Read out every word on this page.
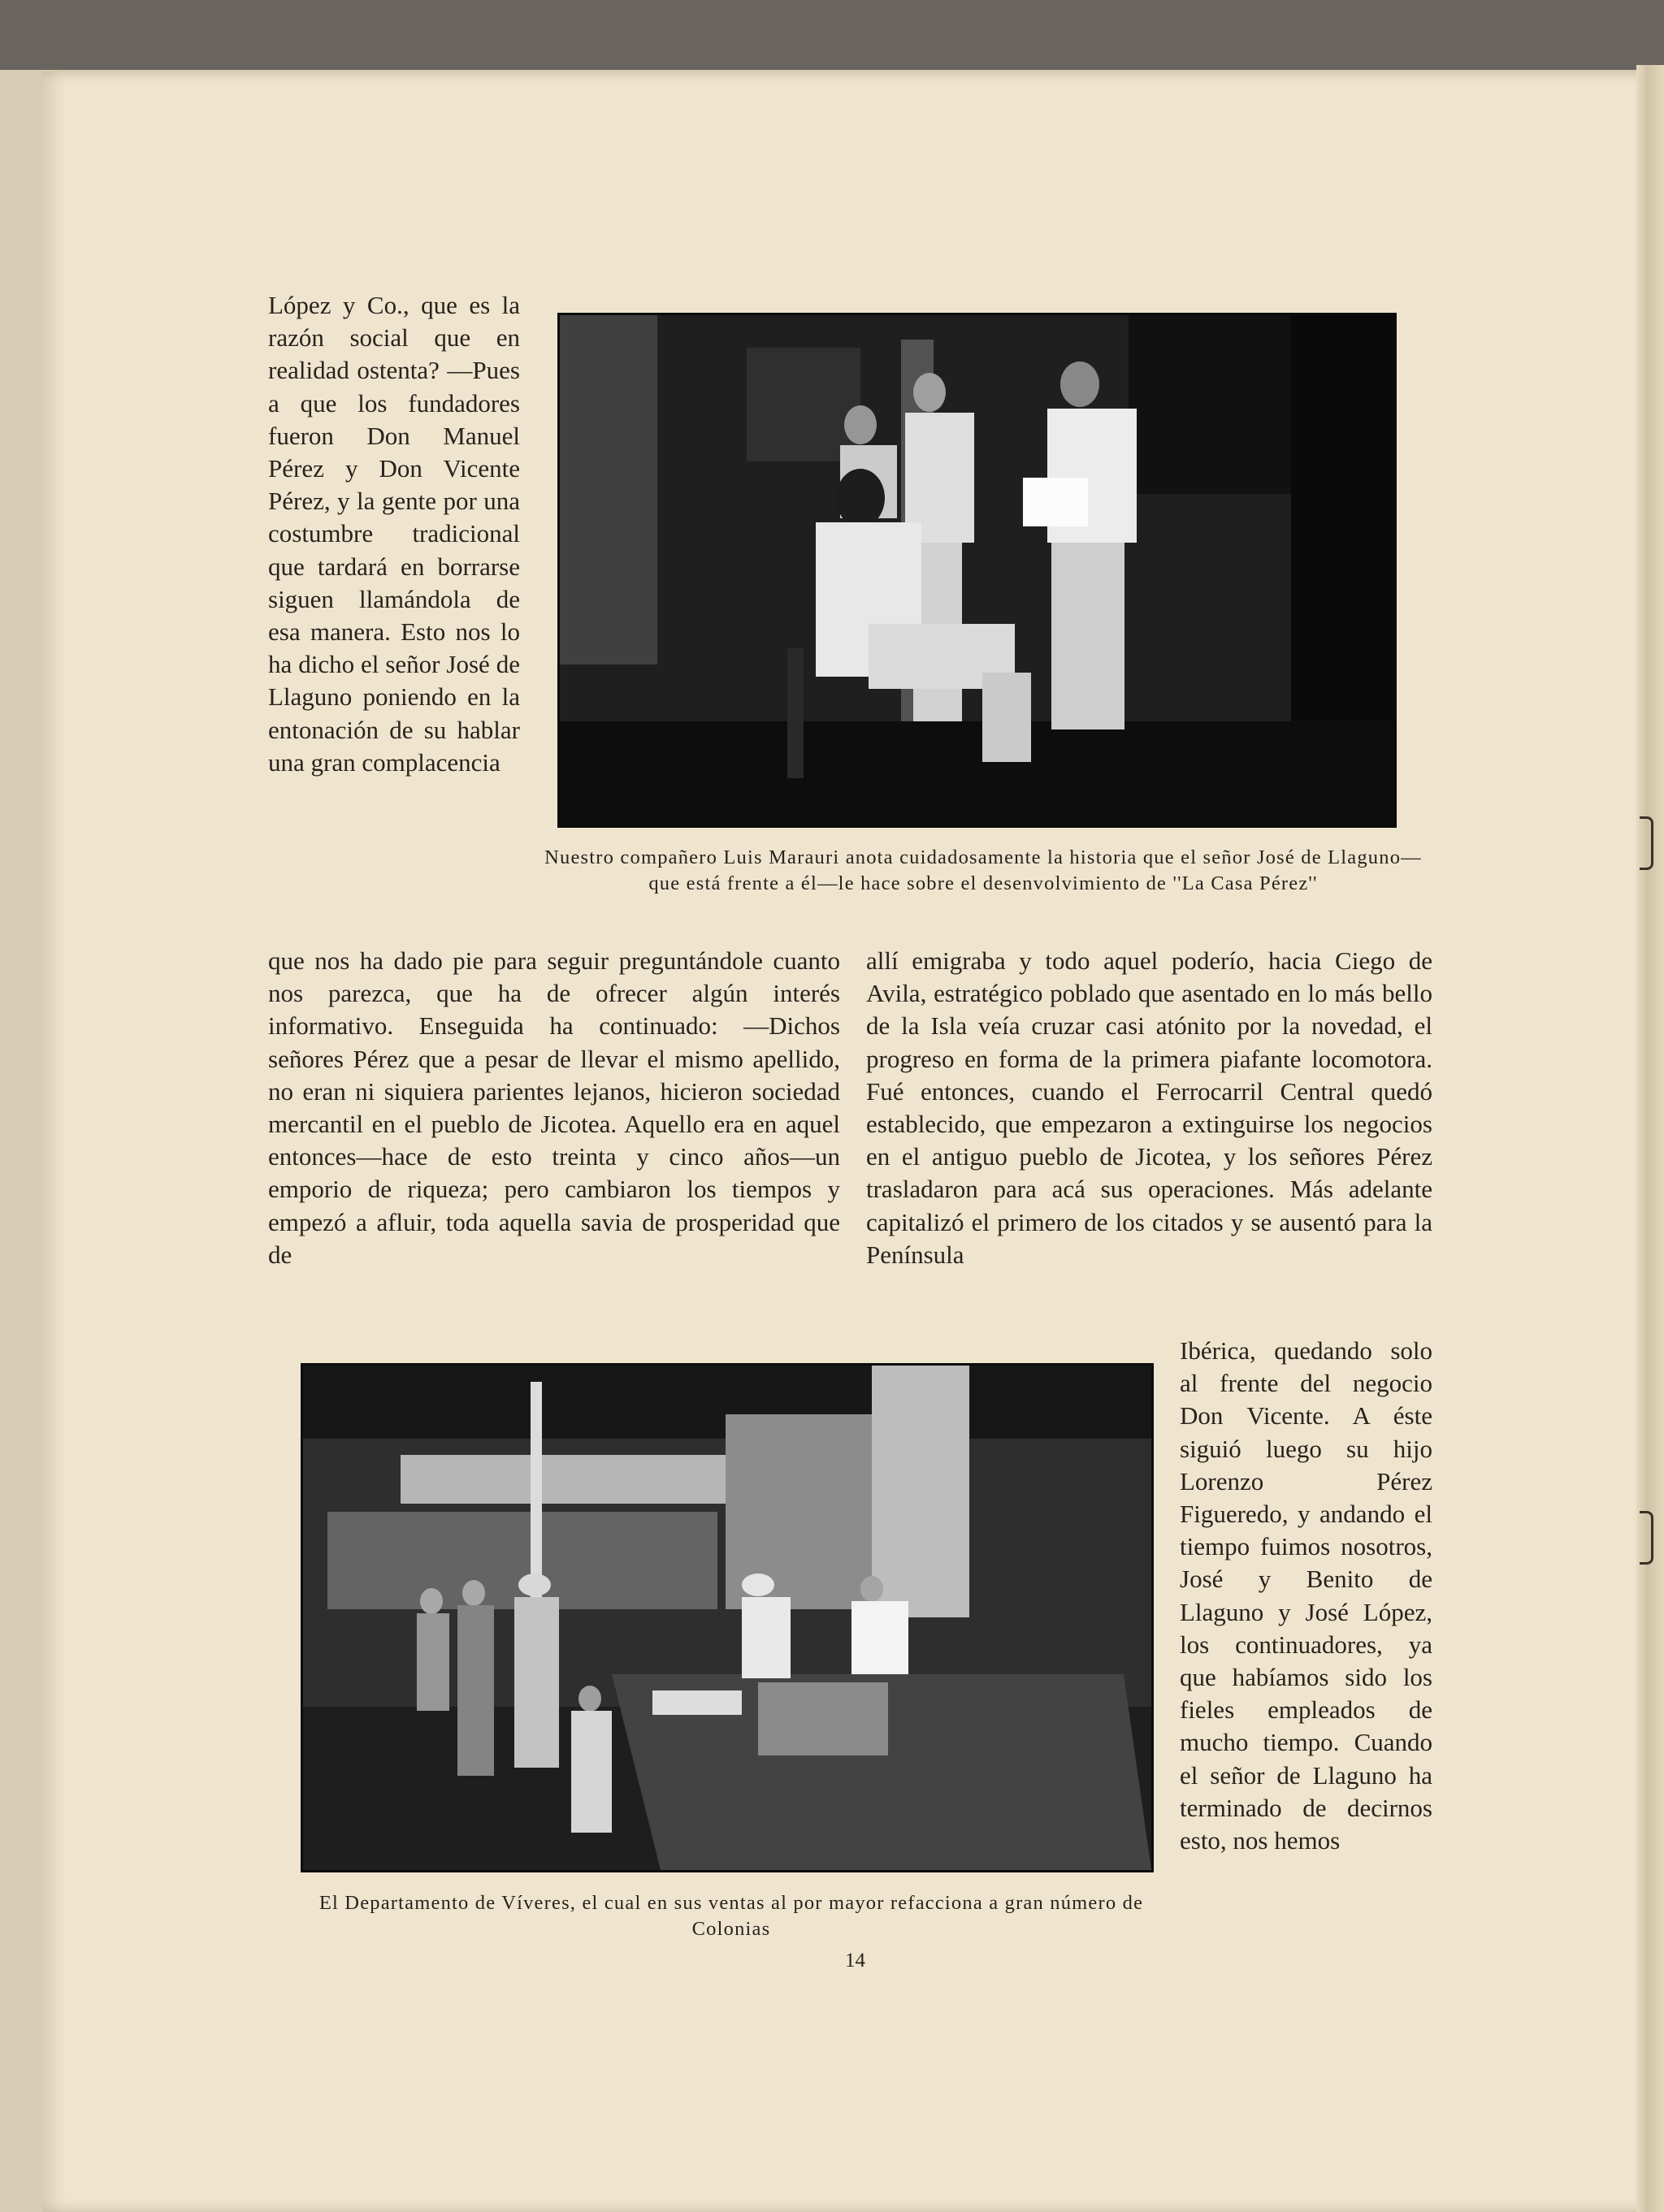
López y Co., que es la razón social que en realidad ostenta? —Pues a que los fundadores fueron Don Manuel Pérez y Don Vicente Pérez, y la gente por una costumbre tradicional que tardará en borrarse siguen llamándola de esa manera. Esto nos lo ha dicho el señor José de Llaguno poniendo en la entonación de su hablar una gran complacencia

Nuestro compañero Luis Marauri anota cuidadosamente la historia que el señor José de Llaguno—que está frente a él—le hace sobre el desenvolvimiento de ''La Casa Pérez''

que nos ha dado pie para seguir preguntándole cuanto nos parezca, que ha de ofrecer algún interés informativo. Enseguida ha continuado: —Dichos señores Pérez que a pesar de llevar el mismo apellido, no eran ni siquiera parientes lejanos, hicieron sociedad mercantil en el pueblo de Jicotea. Aquello era en aquel entonces—hace de esto treinta y cinco años—un emporio de riqueza; pero cambiaron los tiempos y empezó a afluir, toda aquella savia de prosperidad que de

allí emigraba y todo aquel poderío, hacia Ciego de Avila, estratégico poblado que asentado en lo más bello de la Isla veía cruzar casi atónito por la novedad, el progreso en forma de la primera piafante locomotora. Fué entonces, cuando el Ferrocarril Central quedó establecido, que empezaron a extinguirse los negocios en el antiguo pueblo de Jicotea, y los señores Pérez trasladaron para acá sus operaciones. Más adelante capitalizó el primero de los citados y se ausentó para la Península

Ibérica, quedando solo al frente del negocio Don Vicente. A éste siguió luego su hijo Lorenzo Pérez Figueredo, y andando el tiempo fuimos nosotros, José y Benito de Llaguno y José López, los continuadores, ya que habíamos sido los fieles empleados de mucho tiempo. Cuando el señor de Llaguno ha terminado de decirnos esto, nos hemos

El Departamento de Víveres, el cual en sus ventas al por mayor refacciona a gran número de Colonias

14
